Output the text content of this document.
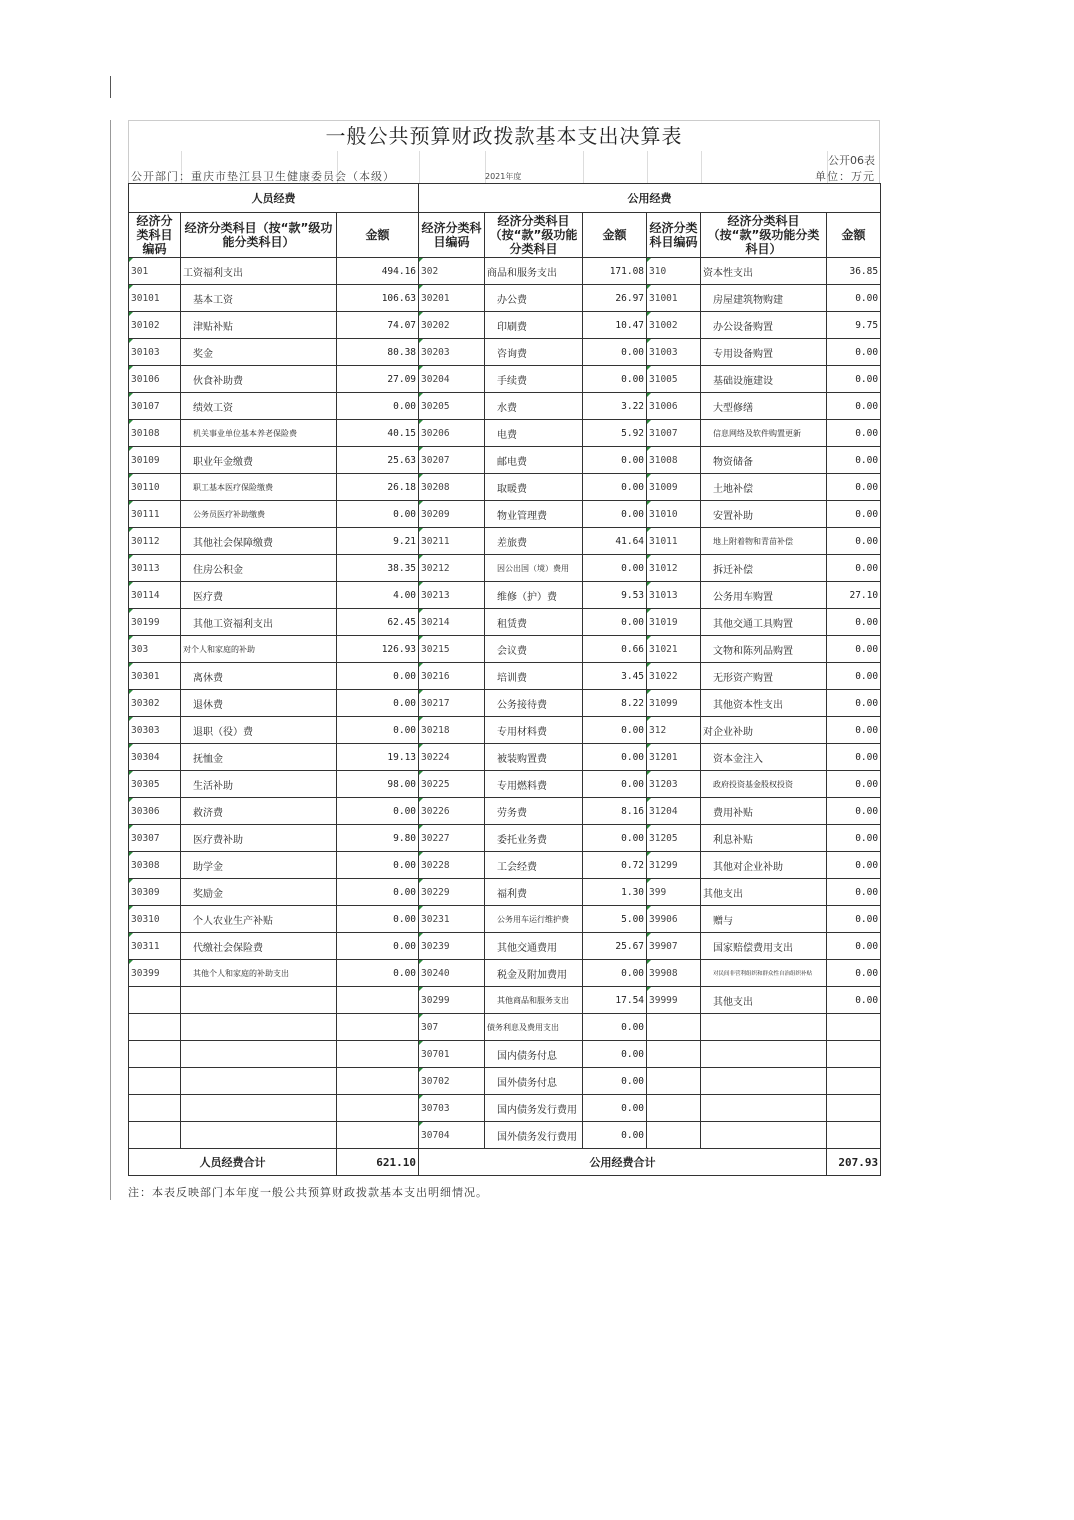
一般公共预算财政拨款基本支出决算表
公开06表
公开部门：重庆市垫江县卫生健康委员会（本级）	2021年度	单位：万元
人员经费			公用经费					
经济分类科目编码	经济分类科目（按“款”级功能分类科目）	金额	经济分类科目编码	经济分类科目（按“款”级功能分类科目	金额	经济分类科目编码	经济分类科目（按“款”级功能分类科目）	金额
301	工资福利支出	494.16	302	商品和服务支出	171.08	310	资本性支出	36.85
30101	基本工资	106.63	30201	办公费	26.97	31001	房屋建筑物购建	0.00
30102	津贴补贴	74.07	30202	印刷费	10.47	31002	办公设备购置	9.75
30103	奖金	80.38	30203	咨询费	0.00	31003	专用设备购置	0.00
30106	伙食补助费	27.09	30204	手续费	0.00	31005	基础设施建设	0.00
30107	绩效工资	0.00	30205	水费	3.22	31006	大型修缮	0.00
30108	机关事业单位基本养老保险费	40.15	30206	电费	5.92	31007	信息网络及软件购置更新	0.00
30109	职业年金缴费	25.63	30207	邮电费	0.00	31008	物资储备	0.00
30110	职工基本医疗保险缴费	26.18	30208	取暖费	0.00	31009	土地补偿	0.00
30111	公务员医疗补助缴费	0.00	30209	物业管理费	0.00	31010	安置补助	0.00
30112	其他社会保障缴费	9.21	30211	差旅费	41.64	31011	地上附着物和青苗补偿	0.00
30113	住房公积金	38.35	30212	因公出国（境）费用	0.00	31012	拆迁补偿	0.00
30114	医疗费	4.00	30213	维修（护）费	9.53	31013	公务用车购置	27.10
30199	其他工资福利支出	62.45	30214	租赁费	0.00	31019	其他交通工具购置	0.00
303	对个人和家庭的补助	126.93	30215	会议费	0.66	31021	文物和陈列品购置	0.00
30301	离休费	0.00	30216	培训费	3.45	31022	无形资产购置	0.00
30302	退休费	0.00	30217	公务接待费	8.22	31099	其他资本性支出	0.00
30303	退职（役）费	0.00	30218	专用材料费	0.00	312	对企业补助	0.00
30304	抚恤金	19.13	30224	被装购置费	0.00	31201	资本金注入	0.00
30305	生活补助	98.00	30225	专用燃料费	0.00	31203	政府投资基金股权投资	0.00
30306	救济费	0.00	30226	劳务费	8.16	31204	费用补贴	0.00
30307	医疗费补助	9.80	30227	委托业务费	0.00	31205	利息补贴	0.00
30308	助学金	0.00	30228	工会经费	0.72	31299	其他对企业补助	0.00
30309	奖励金	0.00	30229	福利费	1.30	399	其他支出	0.00
30310	个人农业生产补贴	0.00	30231	公务用车运行维护费	5.00	39906	赠与	0.00
30311	代缴社会保险费	0.00	30239	其他交通费用	25.67	39907	国家赔偿费用支出	0.00
30399	其他个人和家庭的补助支出	0.00	30240	税金及附加费用	0.00	39908	对民间非营利组织和群众性自治组织补贴	0.00
			30299	其他商品和服务支出	17.54	39999	其他支出	0.00
			307	债务利息及费用支出	0.00			
			30701	国内债务付息	0.00			
			30702	国外债务付息	0.00			
			30703	国内债务发行费用	0.00			
			30704	国外债务发行费用	0.00			
人员经费合计		621.10	公用经费合计					207.93
注：本表反映部门本年度一般公共预算财政拨款基本支出明细情况。
